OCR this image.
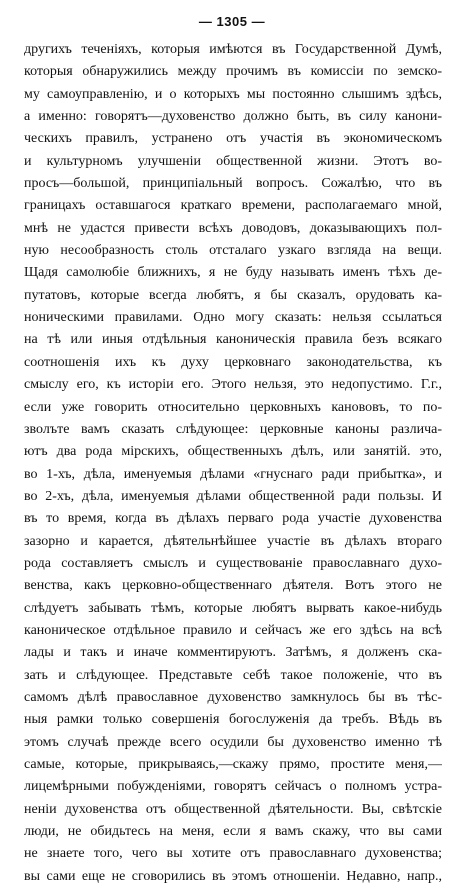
— 1305 —
другихъ теченіяхъ, которыя имѣются въ Государственной Думѣ,
которыя обнаружились между прочимъ въ комиссіи по земско-
му самоуправленію, и о которыхъ мы постоянно слышимъ здѣсь,
а именно: говорятъ—духовенство должно быть, въ силу канони-
ческихъ правилъ, устранено отъ участія въ экономическомъ
и культурномъ улучшеніи общественной жизни. Этотъ во-
просъ—большой, принципіальный вопросъ. Сожалѣю, что въ
границахъ оставшагося краткаго времени, располагаемаго мной,
мнѣ не удастся привести всѣхъ доводовъ, доказывающихъ пол-
ную несообразность столь отсталаго узкаго взгляда на вещи.
Щадя самолюбіе ближнихъ, я не буду называть именъ тѣхъ де-
путатовъ, которые всегда любятъ, я бы сказалъ, орудовать ка-
ноническими правилами. Одно могу сказать: нельзя ссылаться
на тѣ или иныя отдѣльныя каноническія правила безъ всякаго
соотношенія ихъ къ духу церковнаго законодательства, къ
смыслу его, къ исторіи его. Этого нельзя, это недопустимо. Г.г.,
если уже говорить относительно церковныхъ канововъ, то по-
зволъте вамъ сказать слѣдующее: церковные каноны различа-
ютъ два рода мірскихъ, общественныхъ дѣлъ, или занятій. это,
во 1-хъ, дѣла, именуемыя дѣлами «гнуснаго ради прибытка», и
во 2-хъ, дѣла, именуемыя дѣлами общественной ради пользы. И
въ то время, когда въ дѣлахъ перваго рода участіе духовенства
зазорно и карается, дѣятельнѣйшее участіе въ дѣлахъ втораго
рода составляетъ смыслъ и существованіе православнаго духо-
венства, какъ церковно-общественнаго дѣятеля. Вотъ этого не
слѣдуетъ забывать тѣмъ, которые любятъ вырвать какое-нибудь
каноническое отдѣльное правило и сейчасъ же его здѣсь на всѣ
лады и такъ и иначе комментируютъ. Затѣмъ, я долженъ ска-
зать и слѣдующее. Представьте себѣ такое положеніе, что въ
самомъ дѣлѣ православное духовенство замкнулось бы въ тѣс-
ныя рамки только совершенія богослуженія да требъ. Вѣдь въ
этомъ случаѣ прежде всего осудили бы духовенство именно тѣ
самые, которые, прикрываясь,—скажу прямо, простите меня,—
лицемѣрными побужденіями, говорятъ сейчасъ о полномъ устра-
неніи духовенства отъ общественной дѣятельности. Вы, свѣтскіе
люди, не обидьтесь на меня, если я вамъ скажу, что вы сами
не знаете того, чего вы хотите отъ православнаго духовенства;
вы сами еще не сговорились въ этомъ отношеніи. Недавно, напр.,
